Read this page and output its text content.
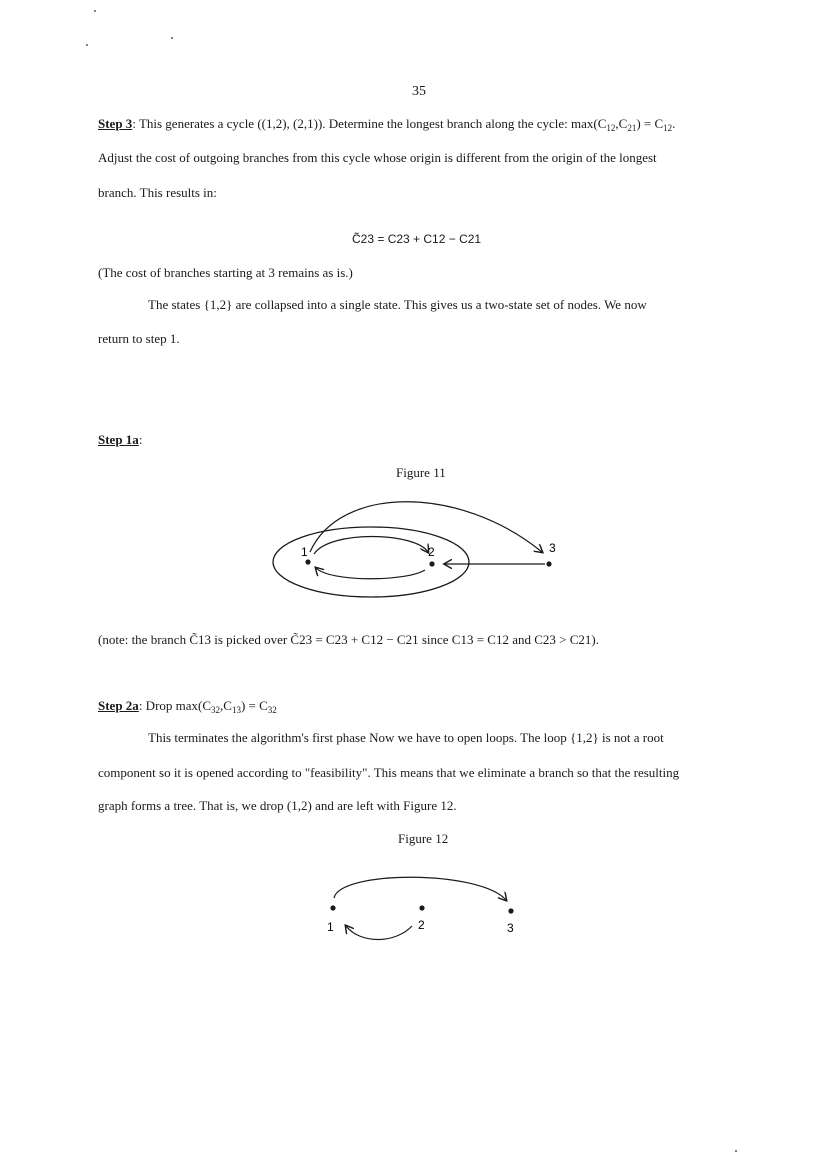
35
Step 3: This generates a cycle ((1,2), (2,1)). Determine the longest branch along the cycle: $\max(C_{12},C_{21}) = C_{12}$.
Adjust the cost of outgoing branches from this cycle whose origin is different from the origin of the longest
branch. This results in:
C̃23 = C23 + C12 − C21
(The cost of branches starting at 3 remains as is.)
The states {1,2} are collapsed into a single state. This gives us a two-state set of nodes. We now
return to step 1.
Step 1a:
Figure 11
1	2	3
(note: the branch C̃13 is picked over C̃23 = C23 + C12 − C21 since C13 = C12 and C23 > C21).
Step 2a: Drop $\max(C_{32},C_{13}) = C_{32}$
This terminates the algorithm's first phase Now we have to open loops. The loop {1,2} is not a root
component so it is opened according to "feasibility". This means that we eliminate a branch so that the resulting
graph forms a tree. That is, we drop (1,2) and are left with Figure 12.
Figure 12
1	2	3
